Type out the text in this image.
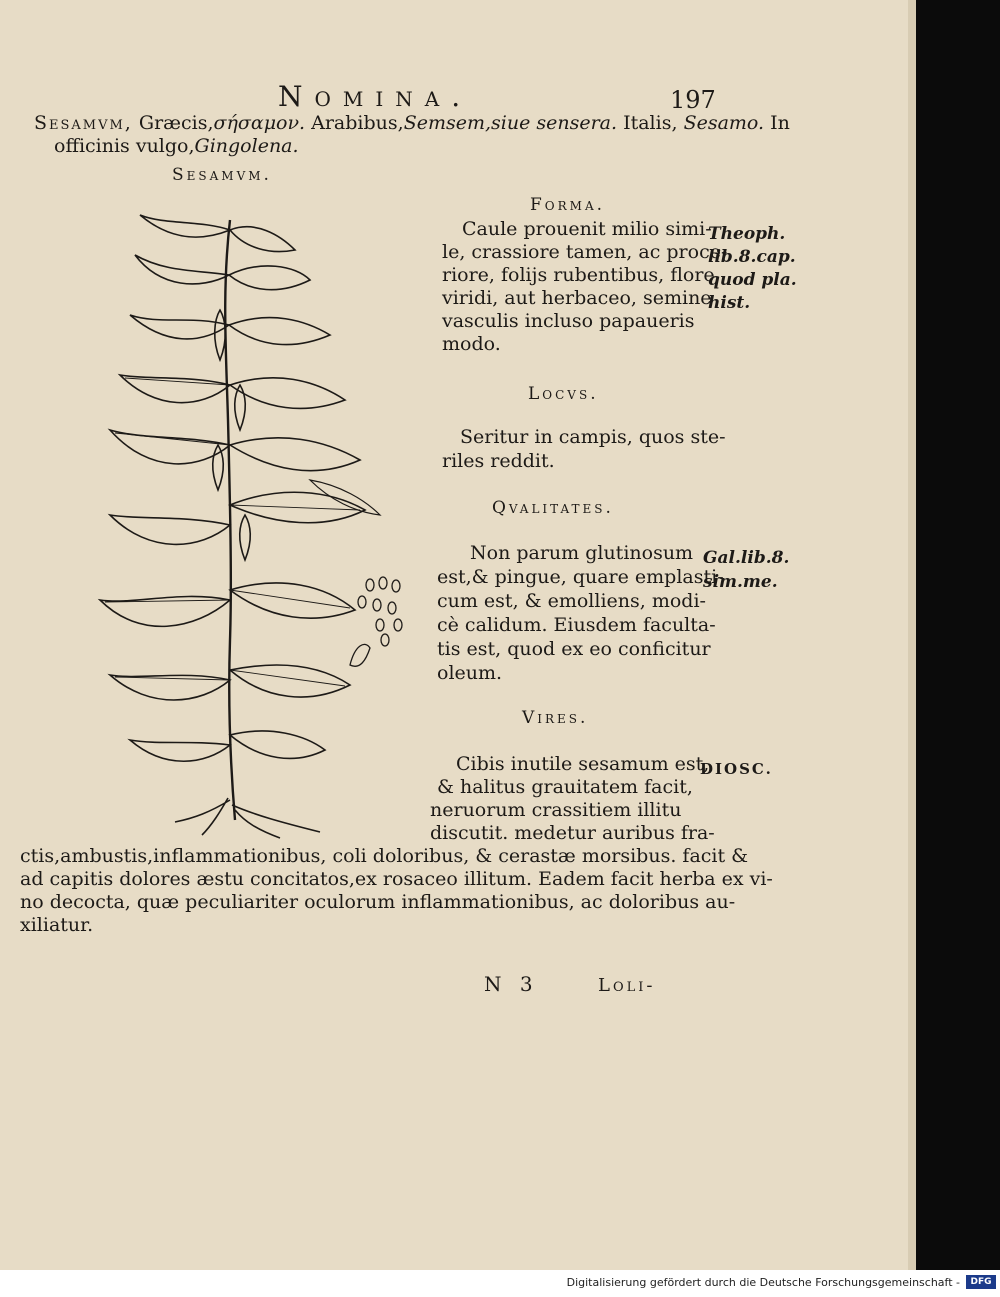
Nomina.	197
Sesamvm, Græcis,σήσαμον. Arabibus,Semsem,siue sensera. Italis, Sesamo. In
officinis vulgo,Gingolena.
Sesamvm.
Forma.
Caule prouenit milio simi-
le, crassiore tamen, ac proce-
riore, folijs rubentibus, flore
viridi, aut herbaceo, semine
vasculis incluso papaueris
modo.
Theoph.
lib.8.cap.
quod pla.
hist.
Locvs.
Seritur in campis, quos ste-
riles reddit.
Qvalitates.
Non parum glutinosum
est,& pingue, quare emplasti-
cum est, & emolliens, modi-
cè calidum. Eiusdem faculta-
tis est, quod ex eo conficitur
oleum.
Gal.lib.8.
sim.me.
Vires.
Cibis inutile sesamum est,
& halitus grauitatem facit,
neruorum crassitiem illitu
discutit. medetur auribus fra-
DIOSC.
ctis,ambustis,inflammationibus, coli doloribus, & cerastæ morsibus. facit &
ad capitis dolores æstu concitatos,ex rosaceo illitum. Eadem facit herba ex vi-
no decocta, quæ peculiariter oculorum inflammationibus, ac doloribus au-
xiliatur.
N 3	Loli-
Digitalisierung gefördert durch die Deutsche Forschungsgemeinschaft -	DFG
